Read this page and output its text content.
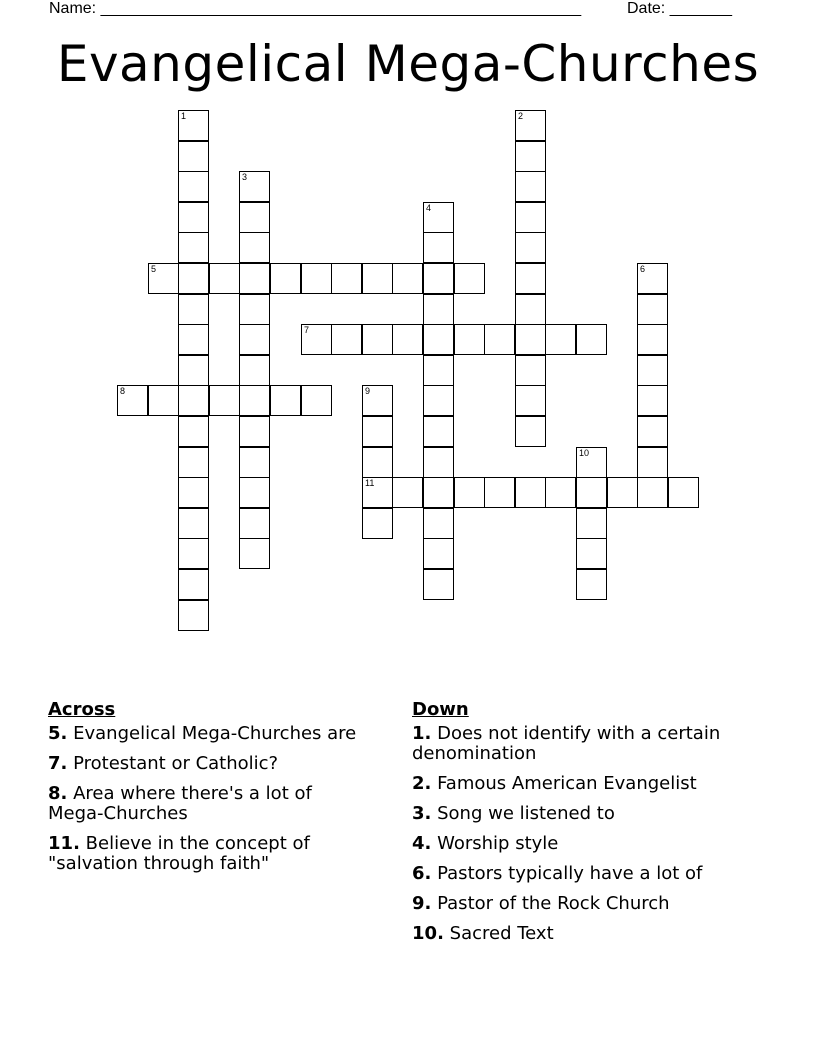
Name: ______________________________________________________	Date: _______
Evangelical Mega-Churches
1	2
3
4
5	6
7
8	9
11
10
Across
5. Evangelical Mega-Churches are
7. Protestant or Catholic?
8. Area where there's a lot of Mega-Churches
11. Believe in the concept of "salvation through faith"
Down
1. Does not identify with a certain denomination
2. Famous American Evangelist
3. Song we listened to
4. Worship style
6. Pastors typically have a lot of
9. Pastor of the Rock Church
10. Sacred Text
